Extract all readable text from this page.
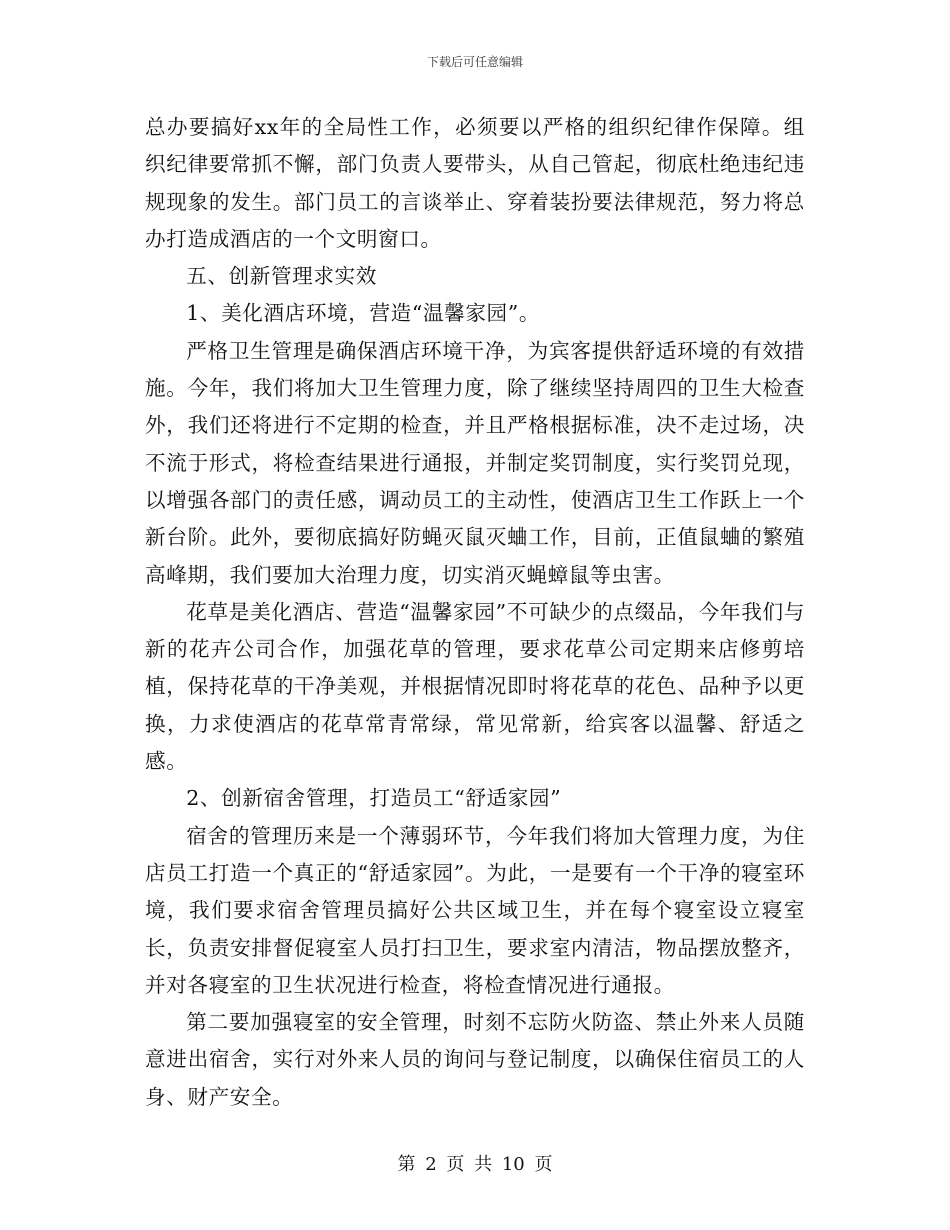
下载后可任意编辑

总办要搞好xx年的全局性工作，必须要以严格的组织纪律作保障。组织纪律要常抓不懈，部门负责人要带头，从自己管起，彻底杜绝违纪违规现象的发生。部门员工的言谈举止、穿着装扮要法律规范，努力将总办打造成酒店的一个文明窗口。

五、创新管理求实效

1、美化酒店环境，营造“温馨家园”。

严格卫生管理是确保酒店环境干净，为宾客提供舒适环境的有效措施。今年，我们将加大卫生管理力度，除了继续坚持周四的卫生大检查外，我们还将进行不定期的检查，并且严格根据标准，决不走过场，决不流于形式，将检查结果进行通报，并制定奖罚制度，实行奖罚兑现，以增强各部门的责任感，调动员工的主动性，使酒店卫生工作跃上一个新台阶。此外，要彻底搞好防蝇灭鼠灭蛐工作，目前，正值鼠蛐的繁殖高峰期，我们要加大治理力度，切实消灭蝇蟑鼠等虫害。

花草是美化酒店、营造“温馨家园”不可缺少的点缀品，今年我们与新的花卉公司合作，加强花草的管理，要求花草公司定期来店修剪培植，保持花草的干净美观，并根据情况即时将花草的花色、品种予以更换，力求使酒店的花草常青常绿，常见常新，给宾客以温馨、舒适之感。

2、创新宿舍管理，打造员工“舒适家园”

宿舍的管理历来是一个薄弱环节，今年我们将加大管理力度，为住店员工打造一个真正的“舒适家园”。为此，一是要有一个干净的寝室环境，我们要求宿舍管理员搞好公共区域卫生，并在每个寝室设立寝室长，负责安排督促寝室人员打扫卫生，要求室内清洁，物品摆放整齐，并对各寝室的卫生状况进行检查，将检查情况进行通报。

第二要加强寝室的安全管理，时刻不忘防火防盗、禁止外来人员随意进出宿舍，实行对外来人员的询问与登记制度，以确保住宿员工的人身、财产安全。

第 2 页 共 10 页
